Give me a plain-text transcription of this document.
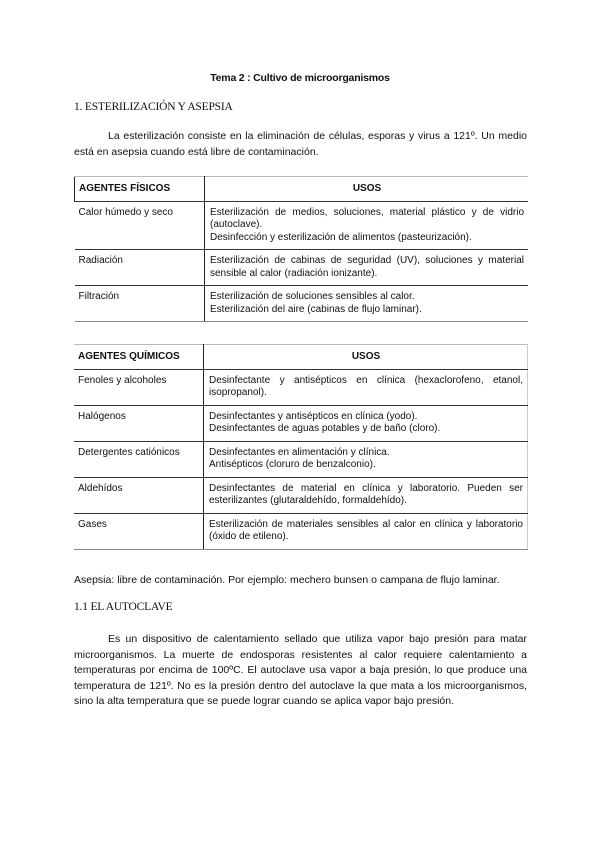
Tema 2 : Cultivo de microorganismos
1. ESTERILIZACIÓN Y ASEPSIA

La esterilización consiste en la eliminación de células, esporas y virus a 121º. Un medio está en asepsia cuando está libre de contaminación.

AGENTES FÍSICOS	USOS
Calor húmedo y seco	Esterilización de medios, soluciones, material plástico y de vidrio (autoclave).
Desinfección y esterilización de alimentos (pasteurización).

Radiación	Esterilización de cabinas de seguridad (UV), soluciones y material sensible al calor (radiación ionizante).

Filtración	Esterilización de soluciones sensibles al calor.
Esterilización del aire (cabinas de flujo laminar).
AGENTES QUÍMICOS	USOS
Fenoles y alcoholes	Desinfectante y antisépticos en clínica (hexaclorofeno, etanol, isopropanol).

Halógenos	Desinfectantes y antisépticos en clínica (yodo).
Desinfectantes de aguas potables y de baño (cloro).

Detergentes catiónicos	Desinfectantes en alimentación y clínica.
Antisépticos (cloruro de benzalconio).

Aldehídos	Desinfectantes de material en clínica y laboratorio. Pueden ser esterilizantes (glutaraldehído, formaldehído).

Gases	Esterilización de materiales sensibles al calor en clínica y laboratorio (óxido de etileno).
Asepsia: libre de contaminación. Por ejemplo: mechero bunsen o campana de flujo laminar.
1.1 EL AUTOCLAVE

Es un dispositivo de calentamiento sellado que utiliza vapor bajo presión para matar microorganismos. La muerte de endosporas resistentes al calor requiere calentamiento a temperaturas por encima de 100ºC. El autoclave usa vapor a baja presión, lo que produce una temperatura de 121º. No es la presión dentro del autoclave la que mata a los microorganismos, sino la alta temperatura que se puede lograr cuando se aplica vapor bajo presión.
